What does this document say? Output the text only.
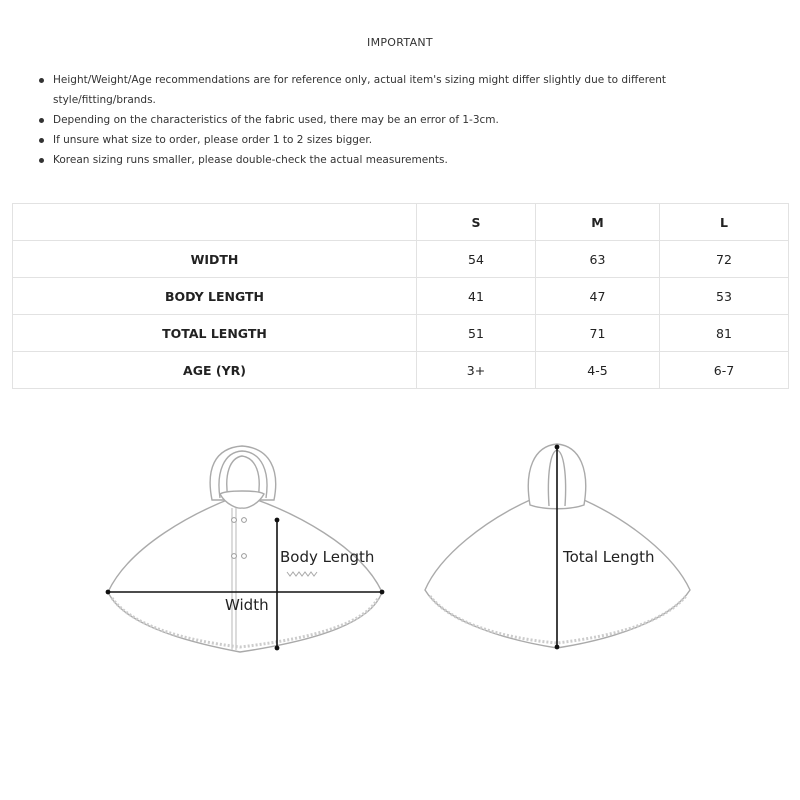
IMPORTANT
Height/Weight/Age recommendations are for reference only, actual item's sizing might differ slightly due to different style/fitting/brands.
Depending on the characteristics of the fabric used, there may be an error of 1-3cm.
If unsure what size to order, please order 1 to 2 sizes bigger.
Korean sizing runs smaller, please double-check the actual measurements.
	S	M	L
WIDTH	54	63	72
BODY LENGTH	41	47	53
TOTAL LENGTH	51	71	81
AGE (YR)	3+	4-5	6-7
Body Length
Width
Total Length
